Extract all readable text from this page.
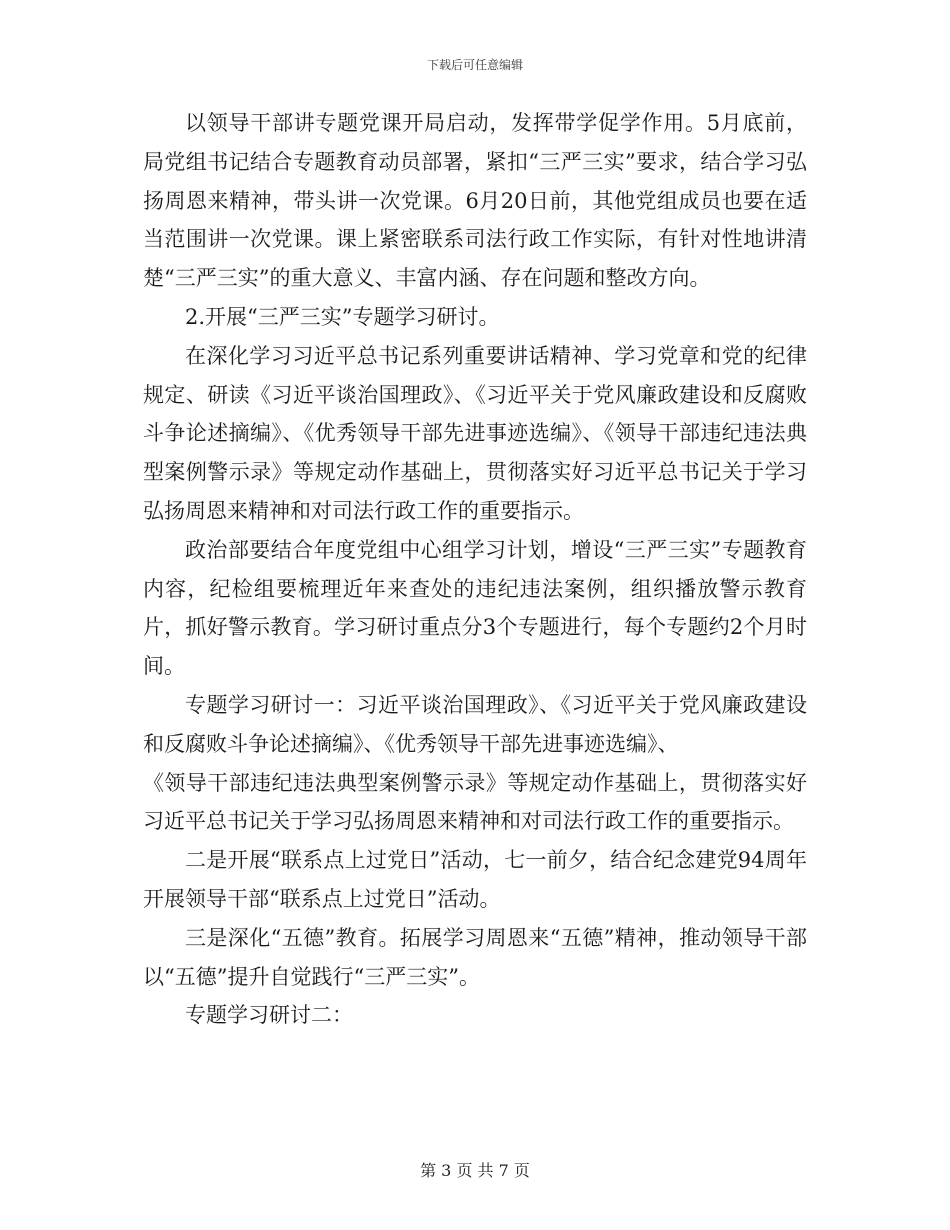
下载后可任意编辑

以领导干部讲专题党课开局启动，发挥带学促学作用。5月底前，局党组书记结合专题教育动员部署，紧扣“三严三实”要求，结合学习弘扬周恩来精神，带头讲一次党课。6月20日前，其他党组成员也要在适当范围讲一次党课。课上紧密联系司法行政工作实际，有针对性地讲清楚“三严三实”的重大意义、丰富内涵、存在问题和整改方向。

2.开展“三严三实”专题学习研讨。

在深化学习习近平总书记系列重要讲话精神、学习党章和党的纪律规定、研读《习近平谈治国理政》、《习近平关于党风廉政建设和反腐败斗争论述摘编》、《优秀领导干部先进事迹选编》、《领导干部违纪违法典型案例警示录》等规定动作基础上，贯彻落实好习近平总书记关于学习弘扬周恩来精神和对司法行政工作的重要指示。

政治部要结合年度党组中心组学习计划，增设“三严三实”专题教育内容，纪检组要梳理近年来查处的违纪违法案例，组织播放警示教育片，抓好警示教育。学习研讨重点分3个专题进行，每个专题约2个月时间。

专题学习研讨一：习近平谈治国理政》、《习近平关于党风廉政建设和反腐败斗争论述摘编》、《优秀领导干部先进事迹选编》、

《领导干部违纪违法典型案例警示录》等规定动作基础上，贯彻落实好习近平总书记关于学习弘扬周恩来精神和对司法行政工作的重要指示。

二是开展“联系点上过党日”活动，七一前夕，结合纪念建党94周年开展领导干部“联系点上过党日”活动。

三是深化“五德”教育。拓展学习周恩来“五德”精神，推动领导干部以“五德”提升自觉践行“三严三实”。

专题学习研讨二：

第 3 页 共 7 页
